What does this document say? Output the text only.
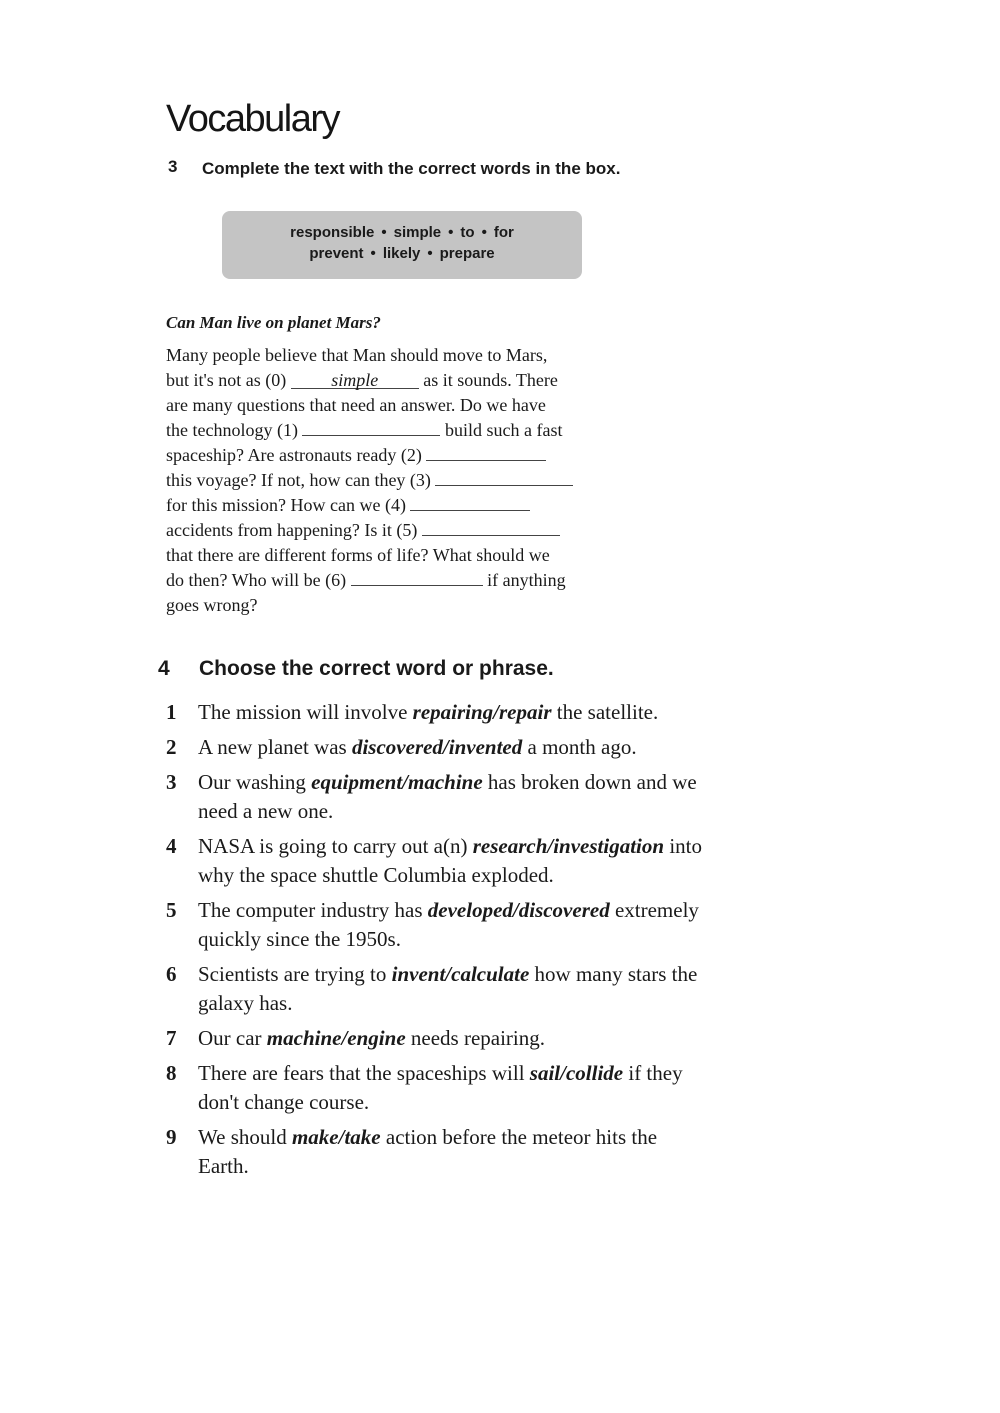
Vocabulary
3 Complete the text with the correct words in the box.
responsible • simple • to • for
prevent • likely • prepare
Can Man live on planet Mars?
Many people believe that Man should move to Mars,
but it's not as (0) simple as it sounds. There
are many questions that need an answer. Do we have
the technology (1)	build such a fast
spaceship? Are astronauts ready (2)
this voyage? If not, how can they (3)
for this mission? How can we (4)
accidents from happening? Is it (5)
that there are different forms of life? What should we
do then? Who will be (6)	if anything
goes wrong?
4 Choose the correct word or phrase.
1 The mission will involve repairing/repair the satellite.
2 A new planet was discovered/invented a month ago.
3 Our washing equipment/machine has broken down and we need a new one.
4 NASA is going to carry out a(n) research/investigation into why the space shuttle Columbia exploded.
5 The computer industry has developed/discovered extremely quickly since the 1950s.
6 Scientists are trying to invent/calculate how many stars the galaxy has.
7 Our car machine/engine needs repairing.
8 There are fears that the spaceships will sail/collide if they don't change course.
9 We should make/take action before the meteor hits the Earth.
